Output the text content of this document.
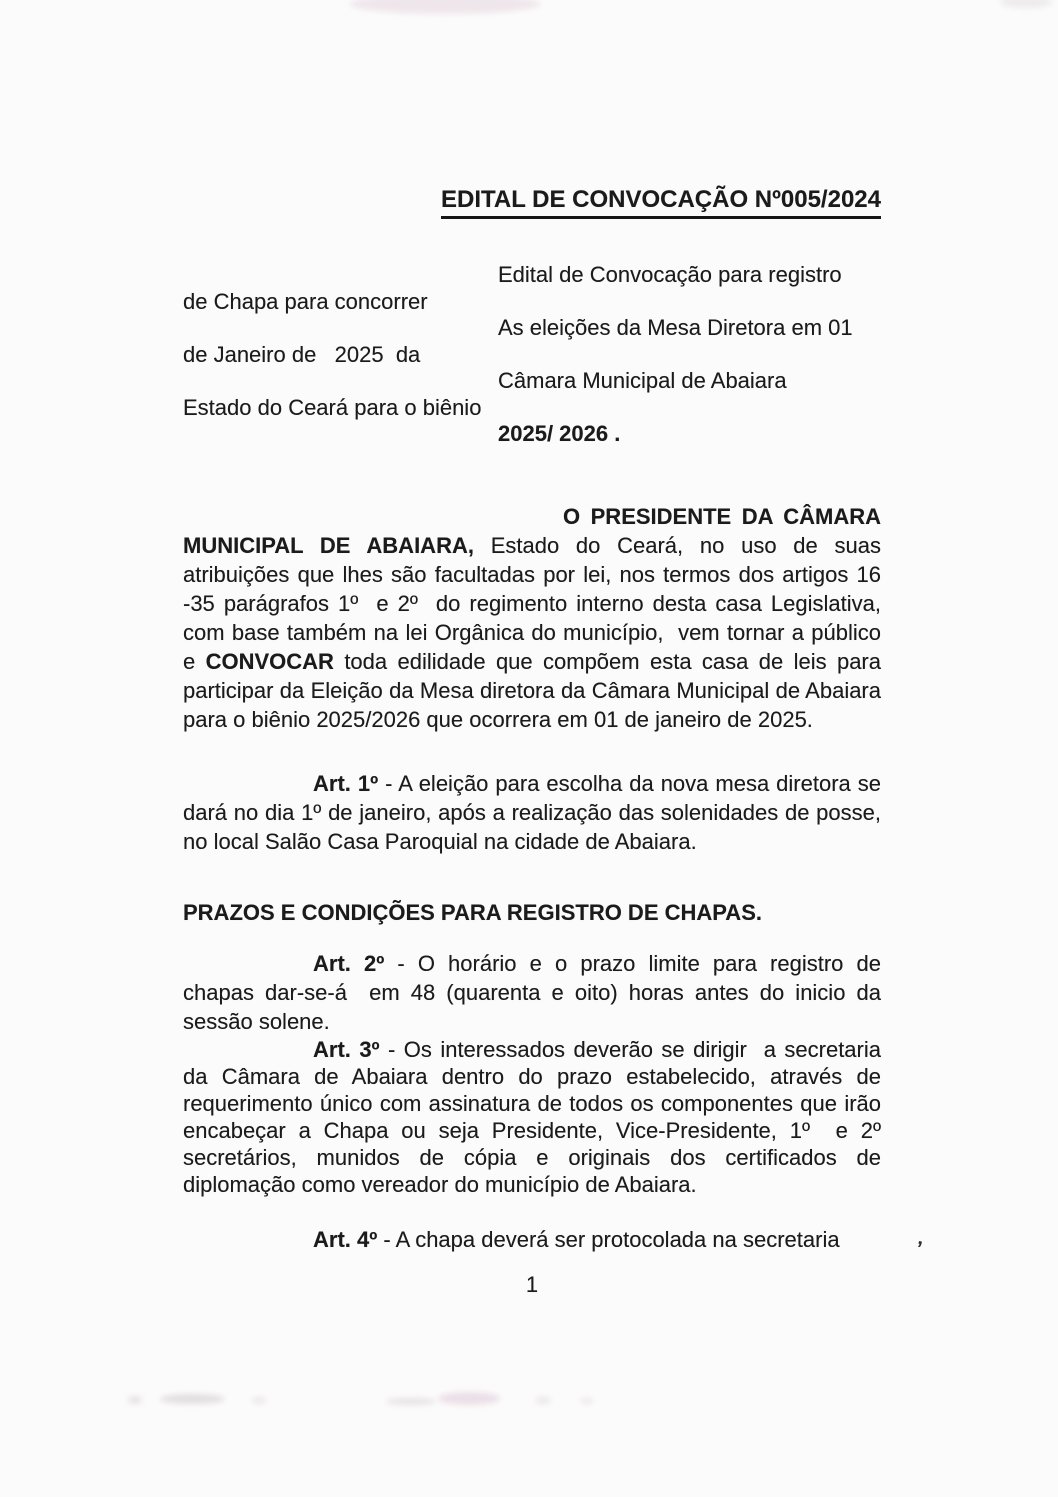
EDITAL DE CONVOCAÇÃO Nº005/2024
Edital de Convocação para registro
de Chapa para concorrer
As eleições da Mesa Diretora em 01
de Janeiro de   2025  da
Câmara Municipal de Abaiara
Estado do Ceará para o biênio
2025/ 2026 .
O PRESIDENTE DA CÂMARA MUNICIPAL DE ABAIARA, Estado do Ceará, no uso de suas atribuições que lhes são facultadas por lei, nos termos dos artigos 16 -35 parágrafos 1º  e 2º  do regimento interno desta casa Legislativa, com base também na lei Orgânica do município,  vem tornar a público e CONVOCAR toda edilidade que compõem esta casa de leis para participar da Eleição da Mesa diretora da Câmara Municipal de Abaiara para o biênio 2025/2026 que ocorrera em 01 de janeiro de 2025.
Art. 1º - A eleição para escolha da nova mesa diretora se dará no dia 1º de janeiro, após a realização das solenidades de posse, no local Salão Casa Paroquial na cidade de Abaiara.
PRAZOS E CONDIÇÕES PARA REGISTRO DE CHAPAS.
Art. 2º - O horário e o prazo limite para registro de chapas dar-se-á  em 48 (quarenta e oito) horas antes do inicio da sessão solene.
Art. 3º - Os interessados deverão se dirigir  a secretaria da Câmara de Abaiara dentro do prazo estabelecido, através de requerimento único com assinatura de todos os componentes que irão encabeçar a Chapa ou seja Presidente, Vice-Presidente, 1º  e 2º secretários, munidos de cópia e originais dos certificados de diplomação como vereador do município de Abaiara.
Art. 4º - A chapa deverá ser protocolada na secretaria	’
1
